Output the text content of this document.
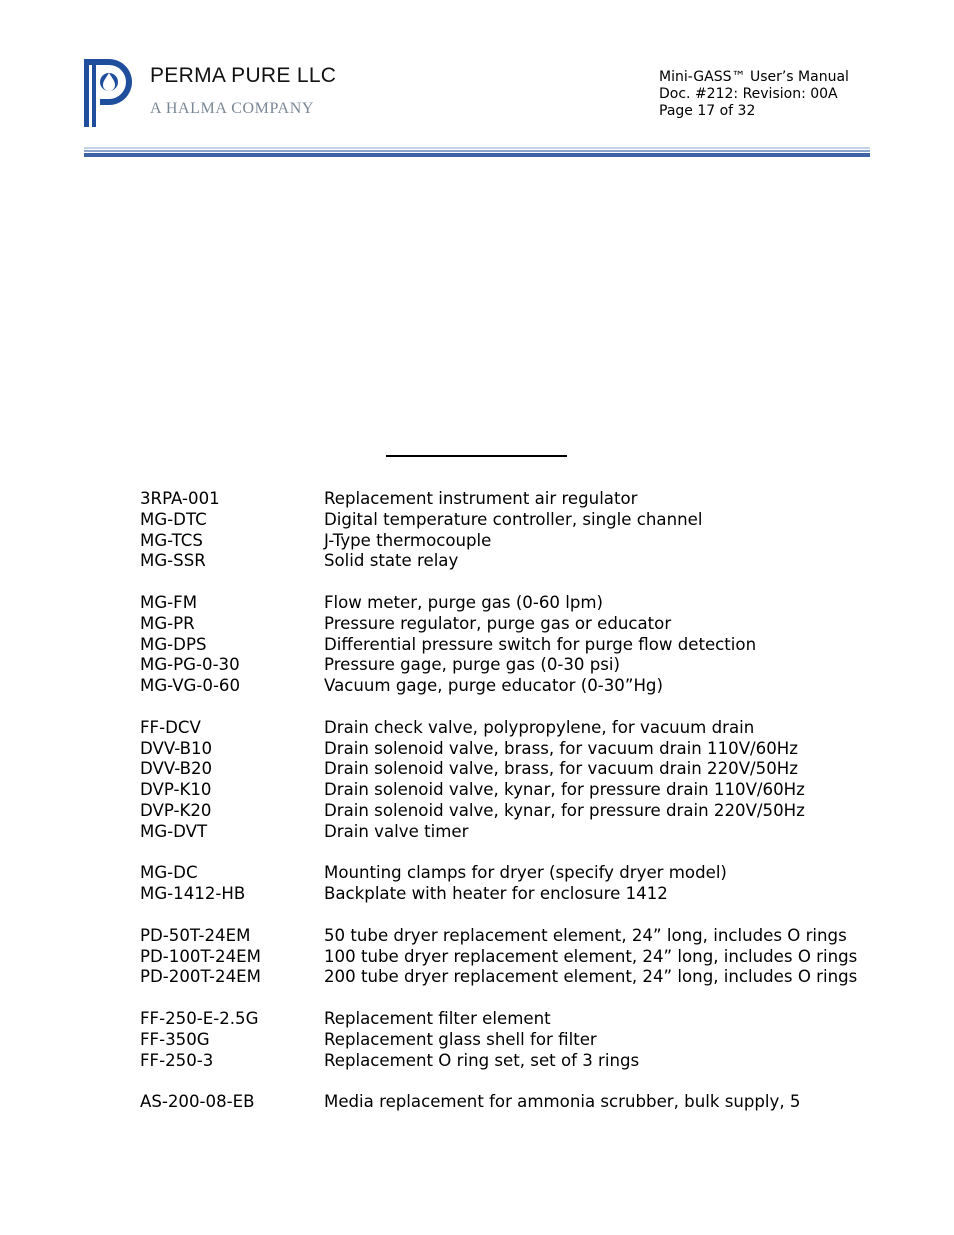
PERMA PURE LLC
A HALMA COMPANY
Mini-GASS™ User’s Manual
Doc. #212: Revision: 00A
Page 17 of 32
3RPA-001	Replacement instrument air regulator
MG-DTC	Digital temperature controller, single channel
MG-TCS	J-Type thermocouple
MG-SSR	Solid state relay
MG-FM	Flow meter, purge gas (0-60 lpm)
MG-PR	Pressure regulator, purge gas or educator
MG-DPS	Differential pressure switch for purge flow detection
MG-PG-0-30	Pressure gage, purge gas (0-30 psi)
MG-VG-0-60	Vacuum gage, purge educator (0-30”Hg)
FF-DCV	Drain check valve, polypropylene, for vacuum drain
DVV-B10	Drain solenoid valve, brass, for vacuum drain 110V/60Hz
DVV-B20	Drain solenoid valve, brass, for vacuum drain 220V/50Hz
DVP-K10	Drain solenoid valve, kynar, for pressure drain 110V/60Hz
DVP-K20	Drain solenoid valve, kynar, for pressure drain 220V/50Hz
MG-DVT	Drain valve timer
MG-DC	Mounting clamps for dryer (specify dryer model)
MG-1412-HB	Backplate with heater for enclosure 1412
PD-50T-24EM	50 tube dryer replacement element, 24” long, includes O rings
PD-100T-24EM	100 tube dryer replacement element, 24” long, includes O rings
PD-200T-24EM	200 tube dryer replacement element, 24” long, includes O rings
FF-250-E-2.5G	Replacement filter element
FF-350G	Replacement glass shell for filter
FF-250-3	Replacement O ring set, set of 3 rings
AS-200-08-EB	Media replacement for ammonia scrubber, bulk supply, 5
